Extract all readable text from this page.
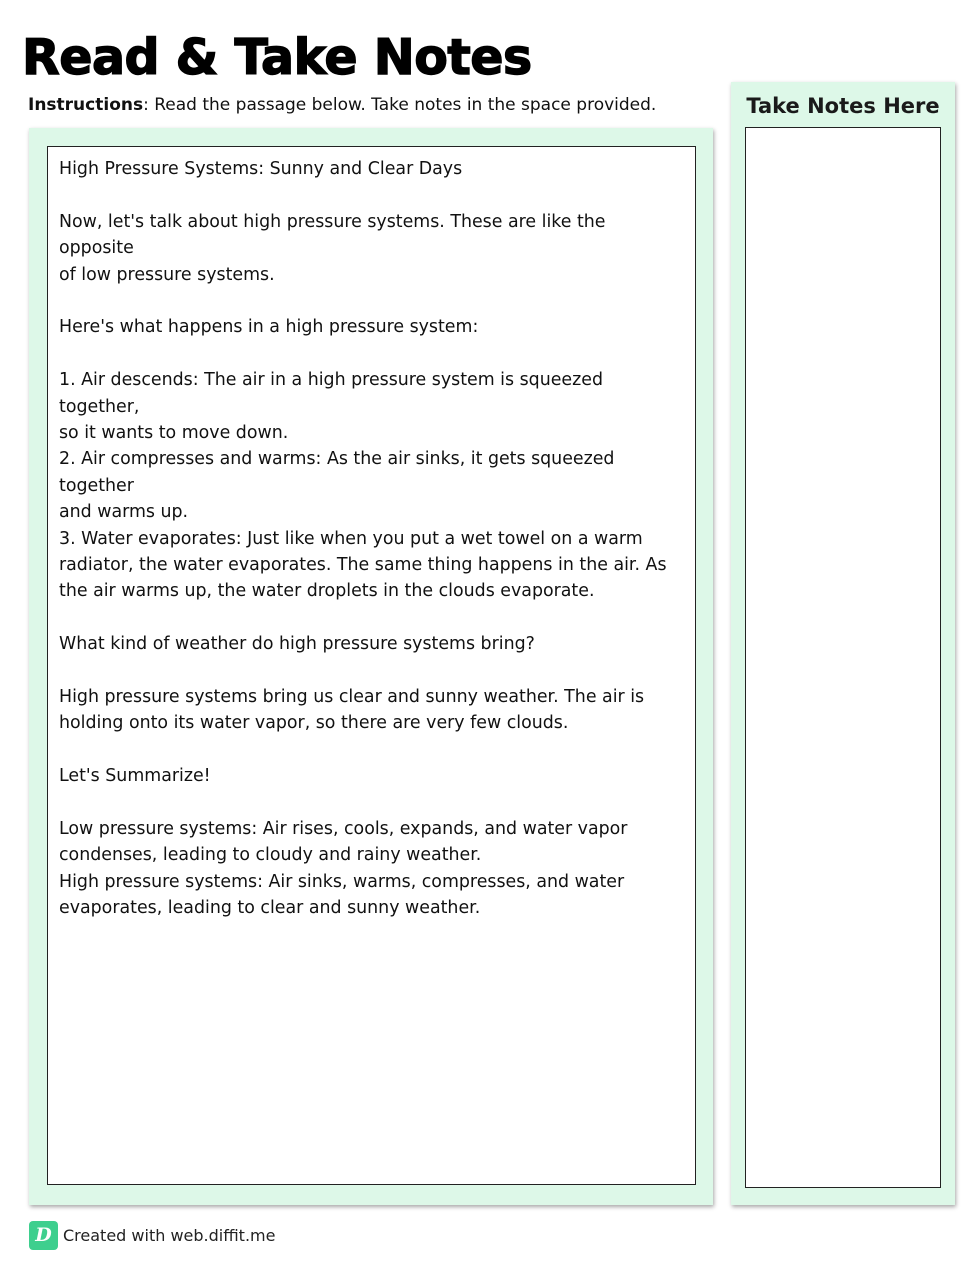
Read & Take Notes
Instructions: Read the passage below. Take notes in the space provided.
High Pressure Systems: Sunny and Clear Days
Now, let's talk about high pressure systems. These are like the opposite
of low pressure systems.
Here's what happens in a high pressure system:
1. Air descends: The air in a high pressure system is squeezed together,
so it wants to move down.
2. Air compresses and warms: As the air sinks, it gets squeezed together
and warms up.
3. Water evaporates: Just like when you put a wet towel on a warm
radiator, the water evaporates. The same thing happens in the air. As
the air warms up, the water droplets in the clouds evaporate.
What kind of weather do high pressure systems bring?
High pressure systems bring us clear and sunny weather. The air is
holding onto its water vapor, so there are very few clouds.
Let's Summarize!
Low pressure systems: Air rises, cools, expands, and water vapor
condenses, leading to cloudy and rainy weather.
High pressure systems: Air sinks, warms, compresses, and water
evaporates, leading to clear and sunny weather.
Take Notes Here
D Created with web.diffit.me
